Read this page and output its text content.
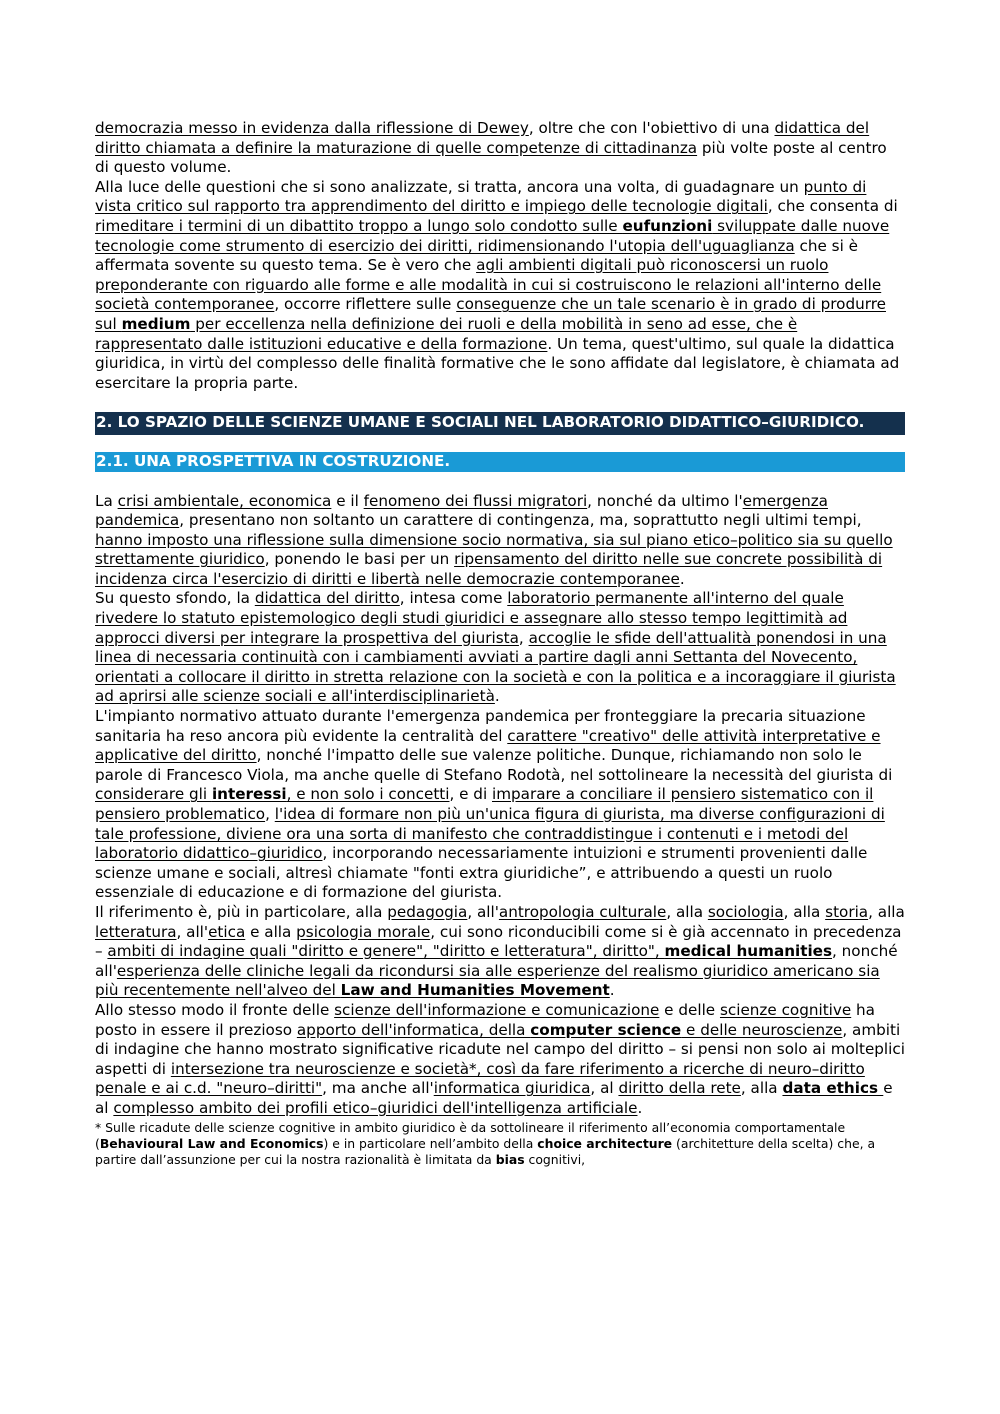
democrazia messo in evidenza dalla riflessione di Dewey, oltre che con l'obiettivo di una didattica del diritto chiamata a definire la maturazione di quelle competenze di cittadinanza più volte poste al centro di questo volume.

Alla luce delle questioni che si sono analizzate, si tratta, ancora una volta, di guadagnare un punto di vista critico sul rapporto tra apprendimento del diritto e impiego delle tecnologie digitali, che consenta di rimeditare i termini di un dibattito troppo a lungo solo condotto sulle eufunzioni sviluppate dalle nuove tecnologie come strumento di esercizio dei diritti, ridimensionando l'utopia dell'uguaglianza che si è affermata sovente su questo tema. Se è vero che agli ambienti digitali può riconoscersi un ruolo preponderante con riguardo alle forme e alle modalità in cui si costruiscono le relazioni all'interno delle società contemporanee, occorre riflettere sulle conseguenze che un tale scenario è in grado di produrre sul medium per eccellenza nella definizione dei ruoli e della mobilità in seno ad esse, che è rappresentato dalle istituzioni educative e della formazione. Un tema, quest'ultimo, sul quale la didattica giuridica, in virtù del complesso delle finalità formative che le sono affidate dal legislatore, è chiamata ad esercitare la propria parte.

2. LO SPAZIO DELLE SCIENZE UMANE E SOCIALI NEL LABORATORIO DIDATTICO–GIURIDICO.
2.1. UNA PROSPETTIVA IN COSTRUZIONE.

La crisi ambientale, economica e il fenomeno dei flussi migratori, nonché da ultimo l'emergenza pandemica, presentano non soltanto un carattere di contingenza, ma, soprattutto negli ultimi tempi, hanno imposto una riflessione sulla dimensione socio normativa, sia sul piano etico–politico sia su quello strettamente giuridico, ponendo le basi per un ripensamento del diritto nelle sue concrete possibilità di incidenza circa l'esercizio di diritti e libertà nelle democrazie contemporanee.

Su questo sfondo, la didattica del diritto, intesa come laboratorio permanente all'interno del quale rivedere lo statuto epistemologico degli studi giuridici e assegnare allo stesso tempo legittimità ad approcci diversi per integrare la prospettiva del giurista, accoglie le sfide dell'attualità ponendosi in una linea di necessaria continuità con i cambiamenti avviati a partire dagli anni Settanta del Novecento, orientati a collocare il diritto in stretta relazione con la società e con la politica e a incoraggiare il giurista ad aprirsi alle scienze sociali e all'interdisciplinarietà.

L'impianto normativo attuato durante l'emergenza pandemica per fronteggiare la precaria situazione sanitaria ha reso ancora più evidente la centralità del carattere "creativo" delle attività interpretative e applicative del diritto, nonché l'impatto delle sue valenze politiche. Dunque, richiamando non solo le parole di Francesco Viola, ma anche quelle di Stefano Rodotà, nel sottolineare la necessità del giurista di considerare gli interessi, e non solo i concetti, e di imparare a conciliare il pensiero sistematico con il pensiero problematico, l'idea di formare non più un'unica figura di giurista, ma diverse configurazioni di tale professione, diviene ora una sorta di manifesto che contraddistingue i contenuti e i metodi del laboratorio didattico–giuridico, incorporando necessariamente intuizioni e strumenti provenienti dalle scienze umane e sociali, altresì chiamate "fonti extra giuridiche”, e attribuendo a questi un ruolo essenziale di educazione e di formazione del giurista.

Il riferimento è, più in particolare, alla pedagogia, all'antropologia culturale, alla sociologia, alla storia, alla letteratura, all'etica e alla psicologia morale, cui sono riconducibili come si è già accennato in precedenza – ambiti di indagine quali "diritto e genere", "diritto e letteratura", diritto", medical humanities, nonché all'esperienza delle cliniche legali da ricondursi sia alle esperienze del realismo giuridico americano sia più recentemente nell'alveo del Law and Humanities Movement.

Allo stesso modo il fronte delle scienze dell'informazione e comunicazione e delle scienze cognitive ha posto in essere il prezioso apporto dell'informatica, della computer science e delle neuroscienze, ambiti di indagine che hanno mostrato significative ricadute nel campo del diritto – si pensi non solo ai molteplici aspetti di intersezione tra neuroscienze e società*, così da fare riferimento a ricerche di neuro–diritto penale e ai c.d. "neuro–diritti", ma anche all'informatica giuridica, al diritto della rete, alla data ethics e al complesso ambito dei profili etico–giuridici dell'intelligenza artificiale.

* Sulle ricadute delle scienze cognitive in ambito giuridico è da sottolineare il riferimento all’economia comportamentale (Behavioural Law and Economics) e in particolare nell’ambito della choice architecture (architetture della scelta) che, a partire dall’assunzione per cui la nostra razionalità è limitata da bias cognitivi,
